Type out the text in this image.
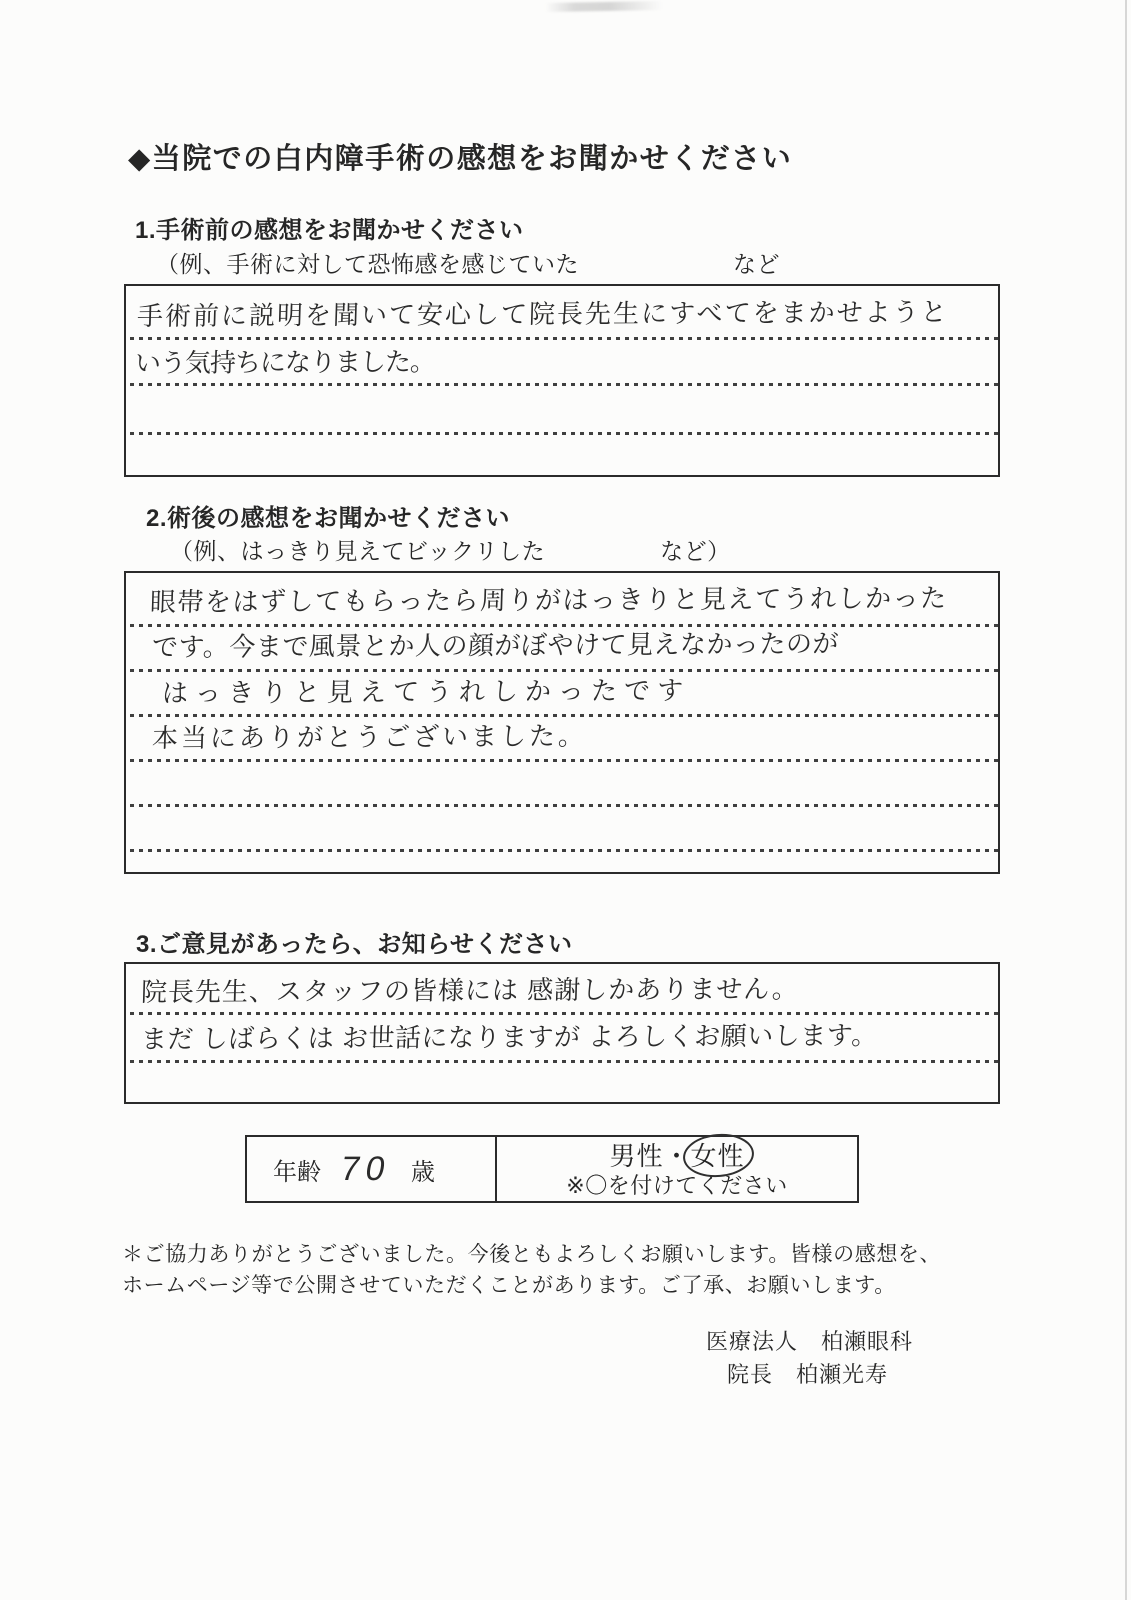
◆当院での白内障手術の感想をお聞かせください
1.手術前の感想をお聞かせください
（例、手術に対して恐怖感を感じていた	など
手術前に説明を聞いて安心して院長先生にすべてをまかせようと
いう気持ちになりました。
2.術後の感想をお聞かせください
（例、はっきり見えてビックリした	など）
眼帯をはずしてもらったら周りがはっきりと見えてうれしかった
です。今まで風景とか人の顔がぼやけて見えなかったのが
はっきりと見えてうれしかったです
本当にありがとうございました。
3.ご意見があったら、お知らせください
院長先生、スタッフの皆様には 感謝しかありません。
まだ しばらくは お世話になりますが よろしくお願いします。
年齢 70 歳
男性・女性
※〇を付けてください
＊ご協力ありがとうございました。今後ともよろしくお願いします。皆様の感想を、
ホームページ等で公開させていただくことがあります。ご了承、お願いします。
医療法人　柏瀬眼科
院長　柏瀬光寿
